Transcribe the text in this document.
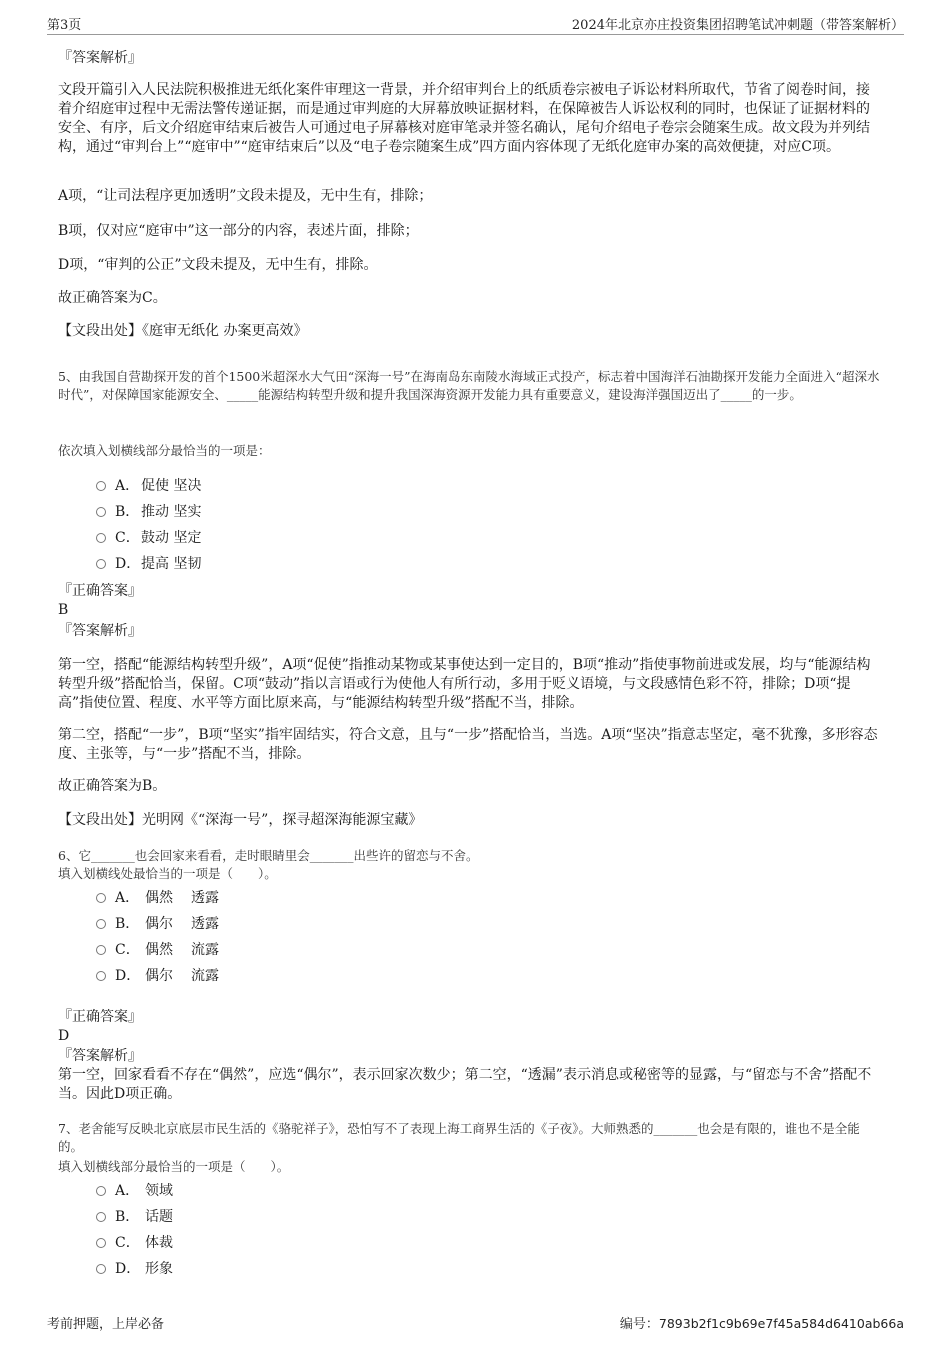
第3页	2024年北京亦庄投资集团招聘笔试冲刺题（带答案解析）

『答案解析』

文段开篇引入人民法院积极推进无纸化案件审理这一背景，并介绍审判台上的纸质卷宗被电子诉讼材料所取代，节省了阅卷时间，接着介绍庭审过程中无需法警传递证据，而是通过审判庭的大屏幕放映证据材料，在保障被告人诉讼权利的同时，也保证了证据材料的安全、有序，后文介绍庭审结束后被告人可通过电子屏幕核对庭审笔录并签名确认，尾句介绍电子卷宗会随案生成。故文段为并列结构，通过“审判台上”“庭审中”“庭审结束后”以及“电子卷宗随案生成”四方面内容体现了无纸化庭审办案的高效便捷，对应C项。

A项，“让司法程序更加透明”文段未提及，无中生有，排除；

B项，仅对应“庭审中”这一部分的内容，表述片面，排除；

D项，“审判的公正”文段未提及，无中生有，排除。

故正确答案为C。

【文段出处】《庭审无纸化 办案更高效》

5、由我国自营勘探开发的首个1500米超深水大气田“深海一号”在海南岛东南陵水海域正式投产，标志着中国海洋石油勘探开发能力全面进入“超深水时代”，对保障国家能源安全、_____能源结构转型升级和提升我国深海资源开发能力具有重要意义，建设海洋强国迈出了_____的一步。

依次填入划横线部分最恰当的一项是：

A． 促使 坚决
B． 推动 坚实
C．鼓动 坚定
D．提高 坚韧

『正确答案』

B

『答案解析』

第一空，搭配“能源结构转型升级”，A项“促使”指推动某物或某事使达到一定目的，B项“推动”指使事物前进或发展，均与“能源结构转型升级”搭配恰当，保留。C项“鼓动”指以言语或行为使他人有所行动，多用于贬义语境，与文段感情色彩不符，排除；D项“提高”指使位置、程度、水平等方面比原来高，与“能源结构转型升级”搭配不当，排除。

第二空，搭配“一步”，B项“坚实”指牢固结实，符合文意，且与“一步”搭配恰当，当选。A项“坚决”指意志坚定，毫不犹豫，多形容态度、主张等，与“一步”搭配不当，排除。

故正确答案为B。

【文段出处】光明网《“深海一号”，探寻超深海能源宝藏》

6、它_______也会回家来看看，走时眼睛里会_______出些许的留恋与不舍。

填入划横线处最恰当的一项是（　　）。

A． 偶然 透露
B． 偶尔 透露
C． 偶然 流露
D． 偶尔 流露

『正确答案』

D

『答案解析』

第一空，回家看看不存在“偶然”，应选“偶尔”，表示回家次数少；第二空，“透漏”表示消息或秘密等的显露，与“留恋与不舍”搭配不当。因此D项正确。

7、老舍能写反映北京底层市民生活的《骆驼祥子》，恐怕写不了表现上海工商界生活的《子夜》。大师熟悉的_______也会是有限的，谁也不是全能的。

填入划横线部分最恰当的一项是（　　）。

A． 领域
B． 话题
C． 体裁
D． 形象
考前押题，上岸必备	编号：7893b2f1c9b69e7f45a584d6410ab66a
